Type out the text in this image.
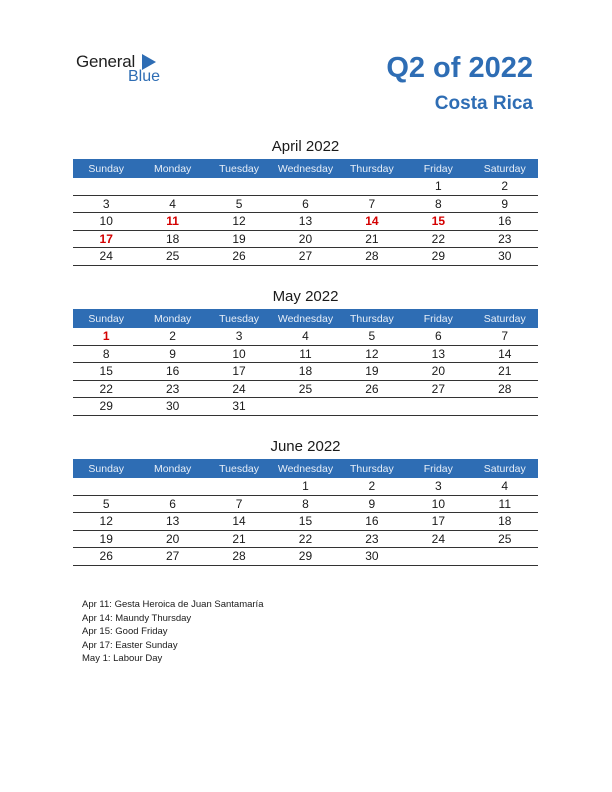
General
Blue	Q2 of 2022
Costa Rica
April 2022
Sunday	Monday	Tuesday	Wednesday	Thursday	Friday	Saturday
					1	2
3	4	5	6	7	8	9
10	11	12	13	14	15	16
17	18	19	20	21	22	23
24	25	26	27	28	29	30
May 2022
Sunday	Monday	Tuesday	Wednesday	Thursday	Friday	Saturday
1	2	3	4	5	6	7
8	9	10	11	12	13	14
15	16	17	18	19	20	21
22	23	24	25	26	27	28
29	30	31				
June 2022
Sunday	Monday	Tuesday	Wednesday	Thursday	Friday	Saturday
			1	2	3	4
5	6	7	8	9	10	11
12	13	14	15	16	17	18
19	20	21	22	23	24	25
26	27	28	29	30		
Apr 11: Gesta Heroica de Juan Santamaría
Apr 14: Maundy Thursday
Apr 15: Good Friday
Apr 17: Easter Sunday
May 1: Labour Day
